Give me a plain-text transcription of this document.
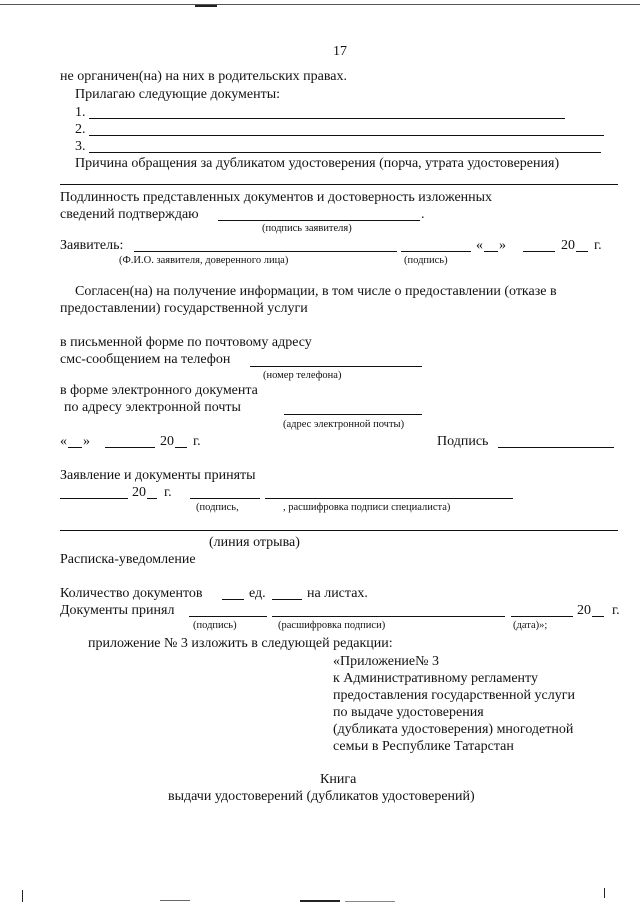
17
не органичен(на) на них в родительских правах.
Прилагаю следующие документы:
1.
2.
3.
Причина обращения за дубликатом удостоверения (порча, утрата удостоверения)
Подлинность представленных документов и достоверность изложенных
сведений подтверждаю	.
(подпись заявителя)
Заявитель:	« »	20 г.
(Ф.И.О. заявителя, доверенного лица)	(подпись)
Согласен(на) на получение информации, в том числе о предоставлении (отказе в
предоставлении) государственной услуги
в письменной форме по почтовому адресу
смс-сообщением на телефон
(номер телефона)
в форме электронного документа
по адресу электронной почты
(адрес электронной почты)
« »	20 г.	Подпись
Заявление и документы приняты
20 г.
(подпись,	, расшифровка подписи специалиста)
(линия отрыва)
Расписка-уведомление
Количество документов	ед.	на листах.
Документы принял	20 г.
(подпись)	(расшифровка подписи)	(дата)»;
приложение № 3 изложить в следующей редакции:
«Приложение№ 3
к Административному регламенту
предоставления государственной услуги
по выдаче удостоверения
(дубликата удостоверения) многодетной
семьи в Республике Татарстан
Книга
выдачи удостоверений (дубликатов удостоверений)
